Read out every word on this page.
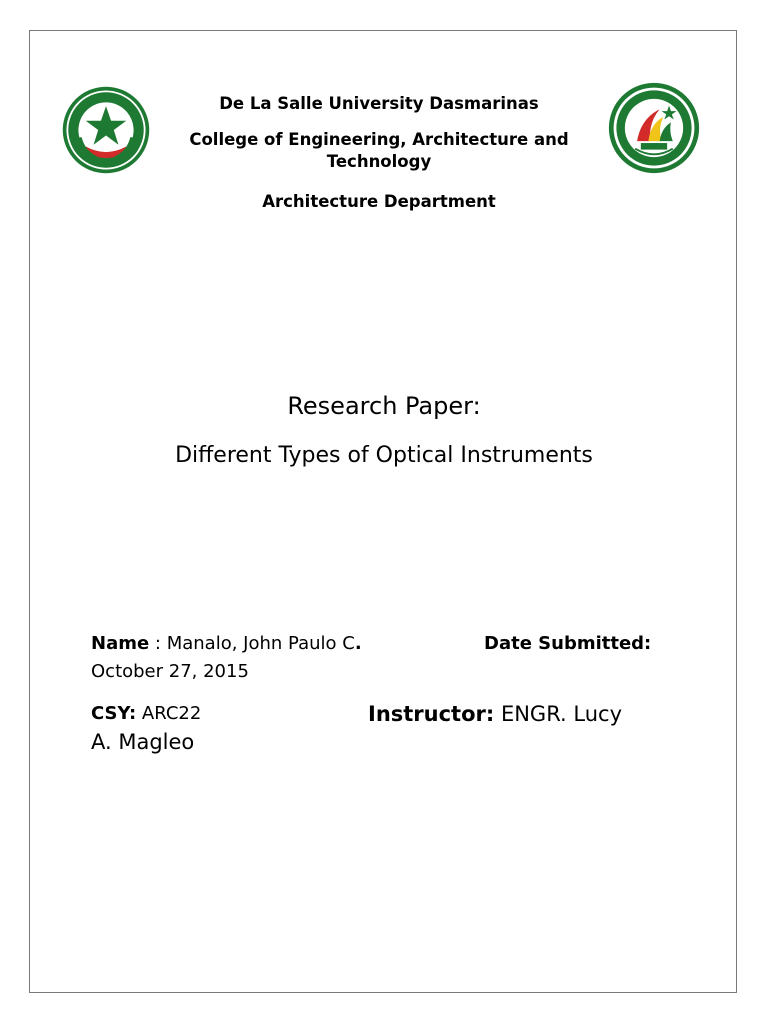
De La Salle University Dasmarinas
College of Engineering, Architecture and Technology
Architecture Department
Research Paper:
Different Types of Optical Instruments
Name : Manalo, John Paulo C.	Date Submitted:
October 27, 2015
CSY: ARC22	Instructor: ENGR. Lucy
A. Magleo
